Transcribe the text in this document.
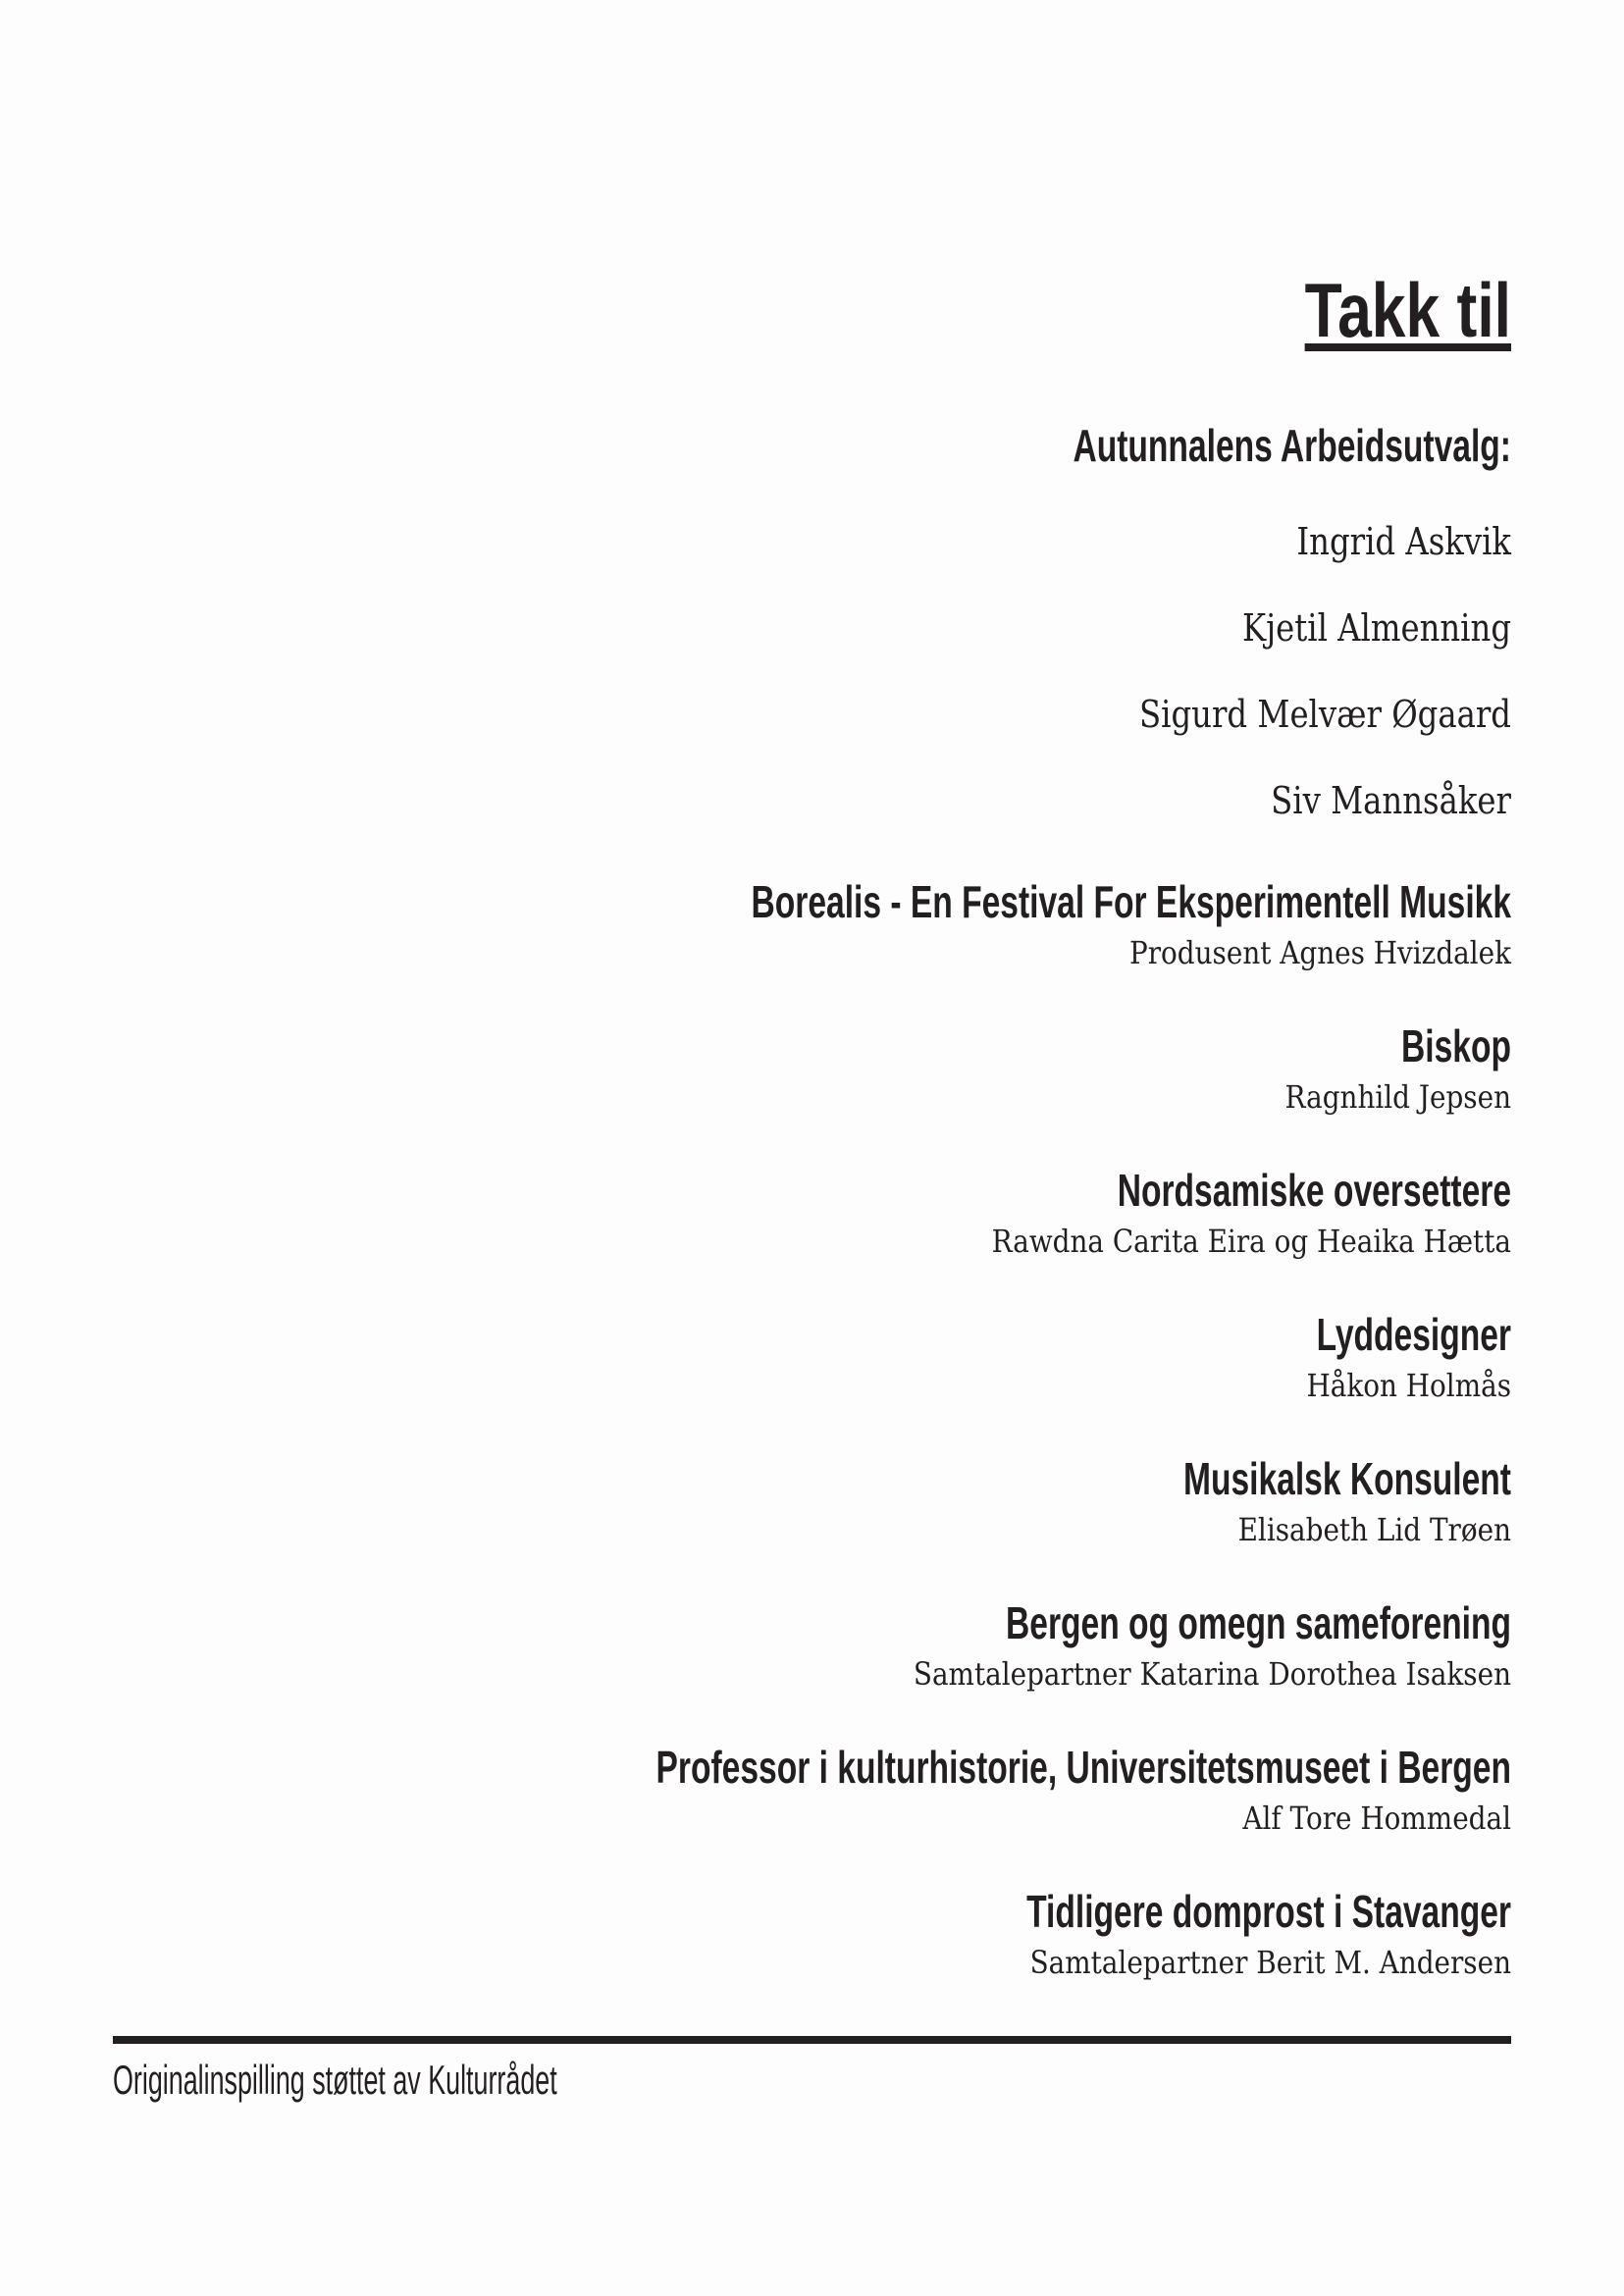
Takk til
Autunnalens Arbeidsutvalg:
Ingrid Askvik
Kjetil Almenning
Sigurd Melvær Øgaard
Siv Mannsåker
Borealis - En Festival For Eksperimentell Musikk
Produsent Agnes Hvizdalek
Biskop
Ragnhild Jepsen
Nordsamiske oversettere
Rawdna Carita Eira og Heaika Hætta
Lyddesigner
Håkon Holmås
Musikalsk Konsulent
Elisabeth Lid Trøen
Bergen og omegn sameforening
Samtalepartner Katarina Dorothea Isaksen
Professor i kulturhistorie, Universitetsmuseet i Bergen
Alf Tore Hommedal
Tidligere domprost i Stavanger
Samtalepartner Berit M. Andersen
Originalinspilling støttet av Kulturrådet
